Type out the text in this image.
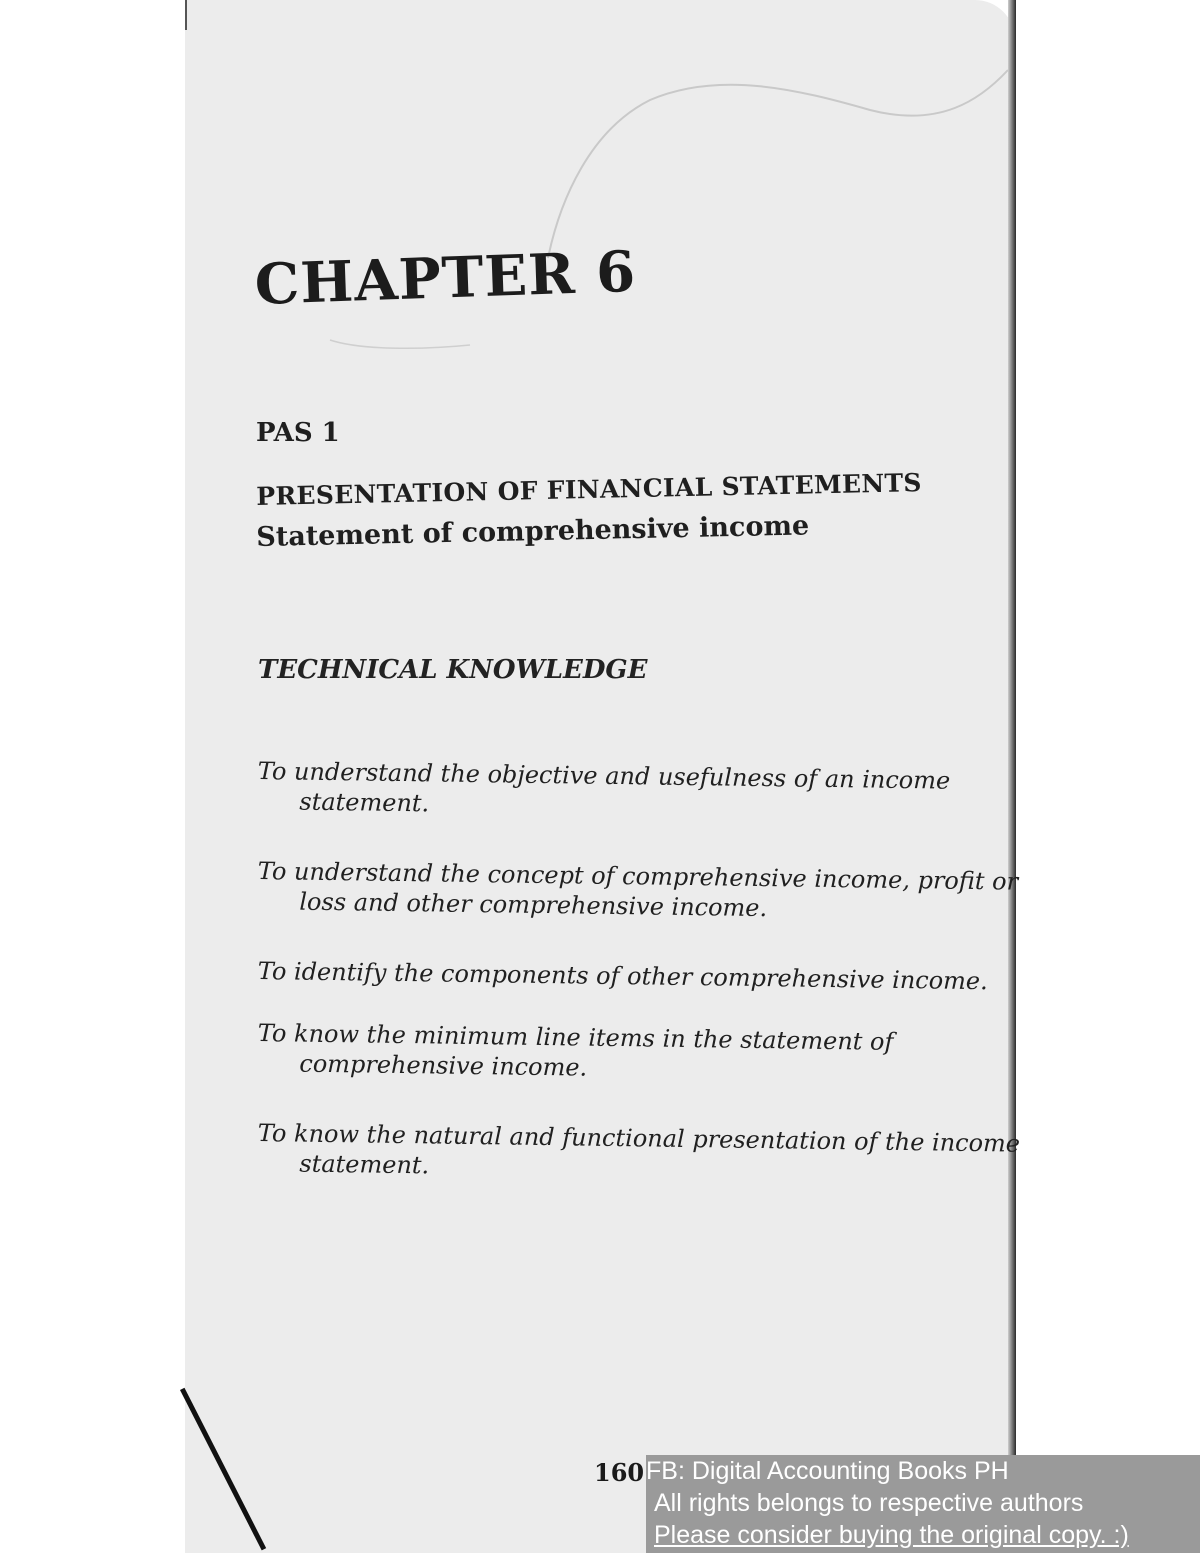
CHAPTER 6
PAS 1
PRESENTATION OF FINANCIAL STATEMENTS
Statement of comprehensive income
TECHNICAL KNOWLEDGE

To understand the objective and usefulness of an income statement.

To understand the concept of comprehensive income, profit or loss and other comprehensive income.

To identify the components of other comprehensive income.

To know the minimum line items in the statement of comprehensive income.

To know the natural and functional presentation of the income statement.

160 FB: Digital Accounting Books PH
All rights belongs to respective authors
Please consider buying the original copy. :)
